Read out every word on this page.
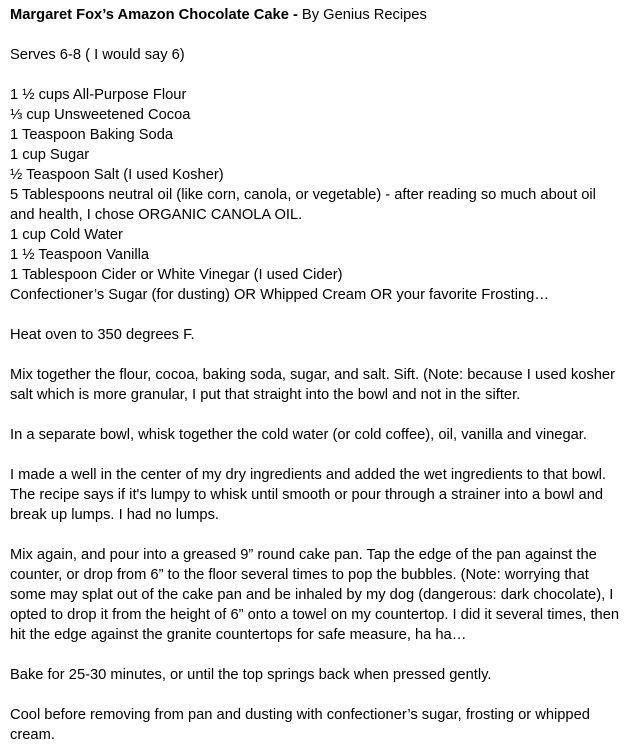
Margaret Fox’s Amazon Chocolate Cake - By Genius Recipes

Serves 6-8 ( I would say 6)

1 ½ cups All-Purpose Flour
⅓ cup Unsweetened Cocoa
1 Teaspoon Baking Soda
1 cup Sugar
½ Teaspoon Salt (I used Kosher)
5 Tablespoons neutral oil (like corn, canola, or vegetable) - after reading so much about oil and health, I chose ORGANIC CANOLA OIL.
1 cup Cold Water
1 ½ Teaspoon Vanilla
1 Tablespoon Cider or White Vinegar (I used Cider)
Confectioner’s Sugar (for dusting) OR Whipped Cream OR your favorite Frosting…

Heat oven to 350 degrees F.

Mix together the flour, cocoa, baking soda, sugar, and salt. Sift. (Note: because I used kosher salt which is more granular, I put that straight into the bowl and not in the sifter.

In a separate bowl, whisk together the cold water (or cold coffee), oil, vanilla and vinegar.

I made a well in the center of my dry ingredients and added the wet ingredients to that bowl. The recipe says if it's lumpy to whisk until smooth or pour through a strainer into a bowl and break up lumps. I had no lumps.

Mix again, and pour into a greased 9” round cake pan. Tap the edge of the pan against the counter, or drop from 6” to the floor several times to pop the bubbles. (Note: worrying that some may splat out of the cake pan and be inhaled by my dog (dangerous: dark chocolate), I opted to drop it from the height of 6” onto a towel on my countertop. I did it several times, then hit the edge against the granite countertops for safe measure, ha ha…

Bake for 25-30 minutes, or until the top springs back when pressed gently.

Cool before removing from pan and dusting with confectioner’s sugar, frosting or whipped cream.
